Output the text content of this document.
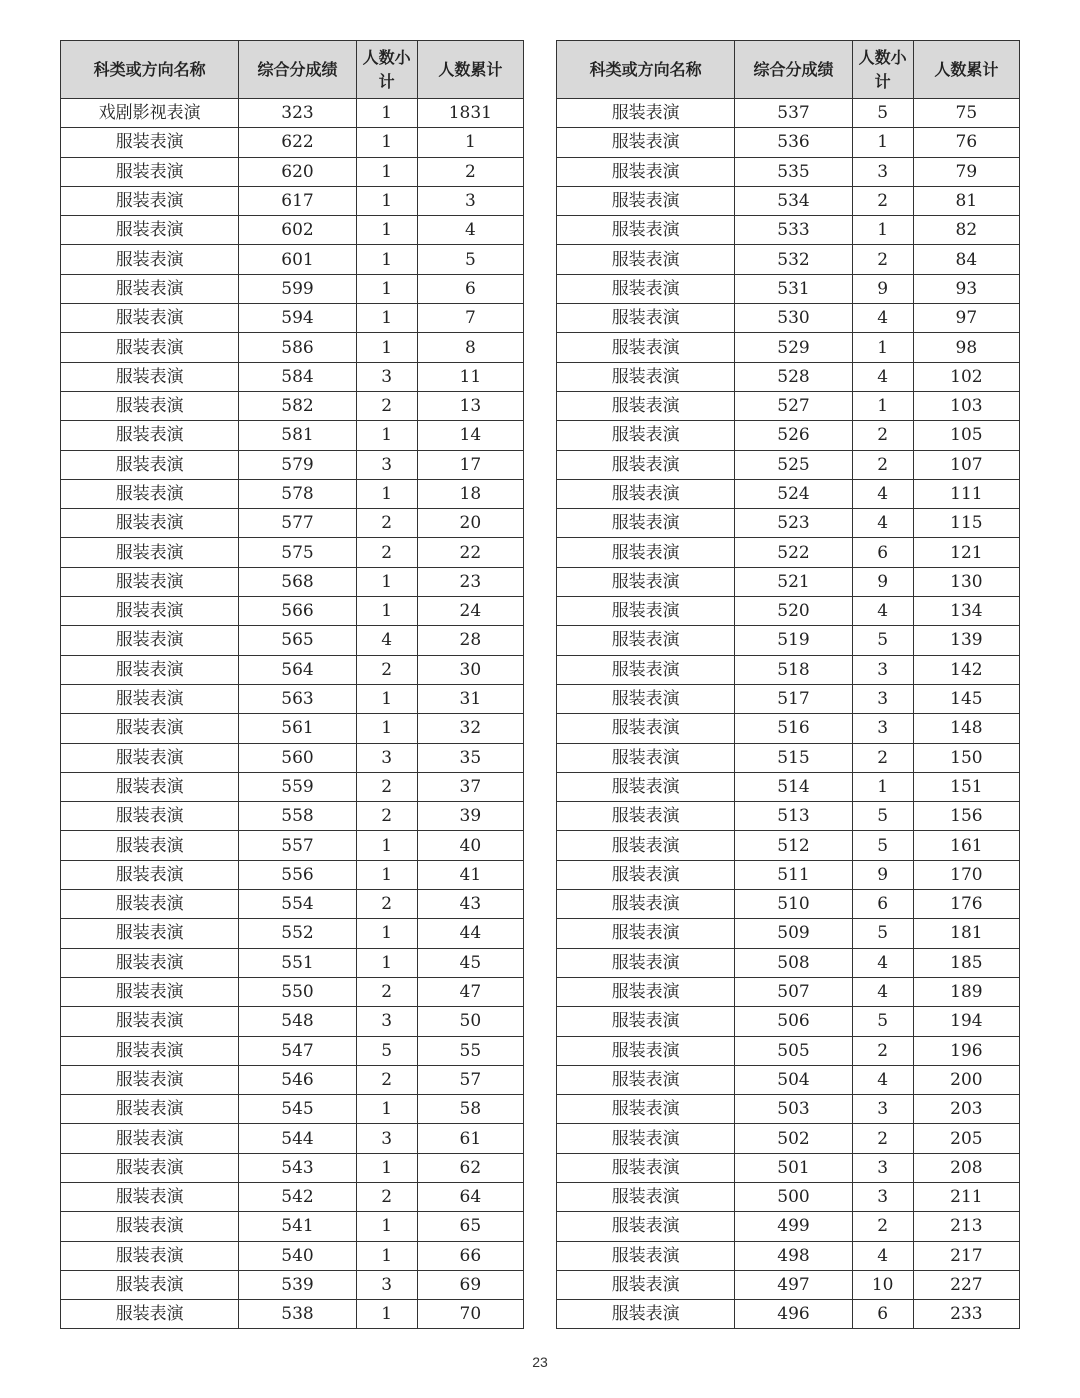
科类或方向名称	综合分成绩	人数小计	人数累计
戏剧影视表演	323	1	1831
服装表演	622	1	1
服装表演	620	1	2
服装表演	617	1	3
服装表演	602	1	4
服装表演	601	1	5
服装表演	599	1	6
服装表演	594	1	7
服装表演	586	1	8
服装表演	584	3	11
服装表演	582	2	13
服装表演	581	1	14
服装表演	579	3	17
服装表演	578	1	18
服装表演	577	2	20
服装表演	575	2	22
服装表演	568	1	23
服装表演	566	1	24
服装表演	565	4	28
服装表演	564	2	30
服装表演	563	1	31
服装表演	561	1	32
服装表演	560	3	35
服装表演	559	2	37
服装表演	558	2	39
服装表演	557	1	40
服装表演	556	1	41
服装表演	554	2	43
服装表演	552	1	44
服装表演	551	1	45
服装表演	550	2	47
服装表演	548	3	50
服装表演	547	5	55
服装表演	546	2	57
服装表演	545	1	58
服装表演	544	3	61
服装表演	543	1	62
服装表演	542	2	64
服装表演	541	1	65
服装表演	540	1	66
服装表演	539	3	69
服装表演	538	1	70
科类或方向名称	综合分成绩	人数小计	人数累计
服装表演	537	5	75
服装表演	536	1	76
服装表演	535	3	79
服装表演	534	2	81
服装表演	533	1	82
服装表演	532	2	84
服装表演	531	9	93
服装表演	530	4	97
服装表演	529	1	98
服装表演	528	4	102
服装表演	527	1	103
服装表演	526	2	105
服装表演	525	2	107
服装表演	524	4	111
服装表演	523	4	115
服装表演	522	6	121
服装表演	521	9	130
服装表演	520	4	134
服装表演	519	5	139
服装表演	518	3	142
服装表演	517	3	145
服装表演	516	3	148
服装表演	515	2	150
服装表演	514	1	151
服装表演	513	5	156
服装表演	512	5	161
服装表演	511	9	170
服装表演	510	6	176
服装表演	509	5	181
服装表演	508	4	185
服装表演	507	4	189
服装表演	506	5	194
服装表演	505	2	196
服装表演	504	4	200
服装表演	503	3	203
服装表演	502	2	205
服装表演	501	3	208
服装表演	500	3	211
服装表演	499	2	213
服装表演	498	4	217
服装表演	497	10	227
服装表演	496	6	233
23
